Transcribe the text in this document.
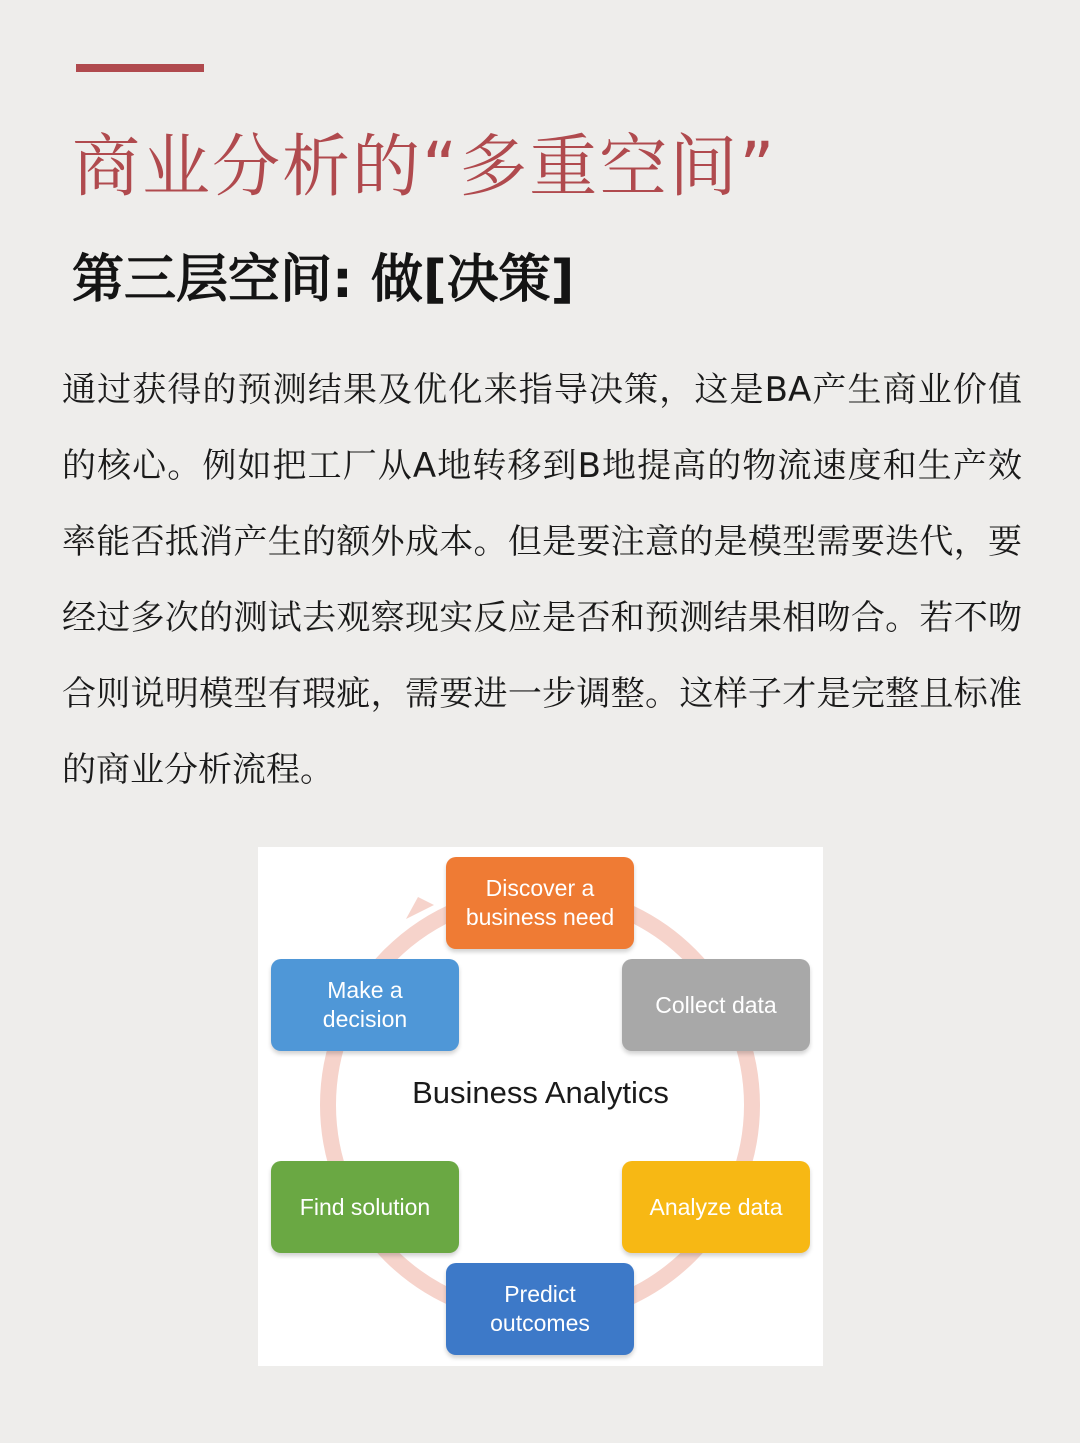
商业分析的“多重空间”
第三层空间: 做[决策]
通过获得的预测结果及优化来指导决策，这是BA产生商业价值的核心。例如把工厂从A地转移到B地提高的物流速度和生产效率能否抵消产生的额外成本。但是要注意的是模型需要迭代，要经过多次的测试去观察现实反应是否和预测结果相吻合。若不吻合则说明模型有瑕疵，需要进一步调整。这样子才是完整且标准的商业分析流程。
Business Analytics
Discover a
business need
Collect data
Analyze data
Predict
outcomes
Find solution
Make a
decision
